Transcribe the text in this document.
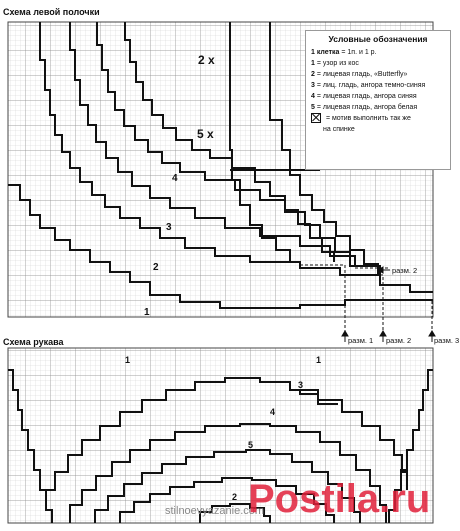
Схема левой полочки
Схема рукава
1
2
3
4
5 x
2 x
разм. 1 разм. 2	разм. 3
разм. 2
1	1
3
4
5
2
stilnoevyazanie.com
Postila.ru
Условные обозначения
1 клетка = 1п. и 1 р.
1 = узор из кос
2 = лицевая гладь, «Butterfly»
3 = лиц. гладь, ангора темно-синяя
4 = лицевая гладь, ангора синяя
5 = лицевая гладь, ангора белая
= мотив выполнить так же
на спинке
